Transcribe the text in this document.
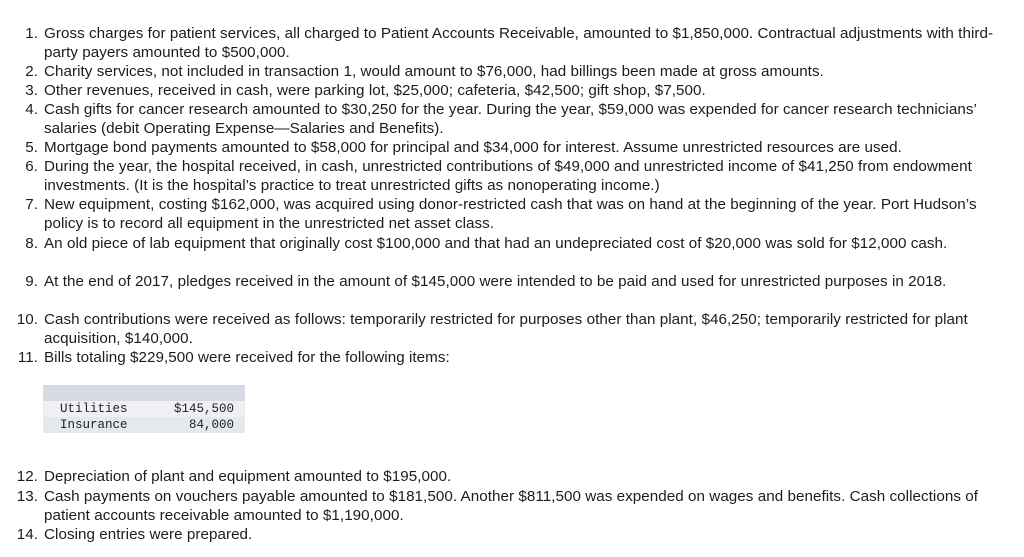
1. Gross charges for patient services, all charged to Patient Accounts Receivable, amounted to $1,850,000. Contractual adjustments with third-party payers amounted to $500,000.
2. Charity services, not included in transaction 1, would amount to $76,000, had billings been made at gross amounts.
3. Other revenues, received in cash, were parking lot, $25,000; cafeteria, $42,500; gift shop, $7,500.
4. Cash gifts for cancer research amounted to $30,250 for the year. During the year, $59,000 was expended for cancer research technicians’ salaries (debit Operating Expense—Salaries and Benefits).
5. Mortgage bond payments amounted to $58,000 for principal and $34,000 for interest. Assume unrestricted resources are used.
6. During the year, the hospital received, in cash, unrestricted contributions of $49,000 and unrestricted income of $41,250 from endowment investments. (It is the hospital’s practice to treat unrestricted gifts as nonoperating income.)
7. New equipment, costing $162,000, was acquired using donor-restricted cash that was on hand at the beginning of the year. Port Hudson’s policy is to record all equipment in the unrestricted net asset class.
8. An old piece of lab equipment that originally cost $100,000 and that had an undepreciated cost of $20,000 was sold for $12,000 cash.
9. At the end of 2017, pledges received in the amount of $145,000 were intended to be paid and used for unrestricted purposes in 2018.
10. Cash contributions were received as follows: temporarily restricted for purposes other than plant, $46,250; temporarily restricted for plant acquisition, $140,000.
11. Bills totaling $229,500 were received for the following items:
Utilities	$145,500
Insurance	84,000
12. Depreciation of plant and equipment amounted to $195,000.
13. Cash payments on vouchers payable amounted to $181,500. Another $811,500 was expended on wages and benefits. Cash collections of patient accounts receivable amounted to $1,190,000.
14. Closing entries were prepared.
